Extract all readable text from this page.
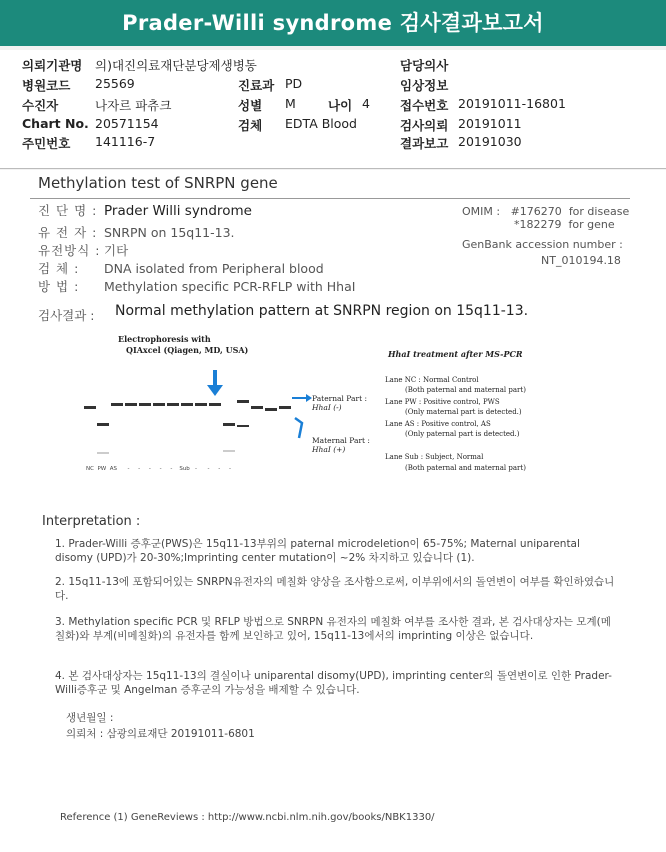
Prader-Willi syndrome 검사결과보고서
의뢰기관명 의)대진의료재단분당제생병동	담당의사
병원코드 25569	진료과 PD	임상정보
수진자	나자르 파츄크	성별 M	나이 4 접수번호 20191011-16801
Chart No. 20571154	검체 EDTA Blood	검사의뢰 20191011
주민번호 141116-7	결과보고 20191030
Methylation test of SNRPN gene
진 단 명 : Prader Willi syndrome
유 전 자 : SNRPN on 15q11-13.
유전방식 : 기타
검 체 : DNA isolated from Peripheral blood
방 법 : Methylation specific PCR-RFLP with HhaI
OMIM : #176270 for disease
*182279 for gene
GenBank accession number :
NT_010194.18
검사결과 : Normal methylation pattern at SNRPN region on 15q11-13.
Electrophoresis with
QIAxcel (Qiagen, MD, USA)
Paternal Part :
HhaI (-)
Maternal Part :
HhaI (+)
NC  PW  AS      -     -     -     -     -    Sub   -      -     -     -
HhaI treatment after MS-PCR
Lane NC : Normal Control
(Both paternal and maternal part)
Lane PW : Positive control, PWS
(Only maternal part is detected.)
Lane AS : Positive control, AS
(Only paternal part is detected.)
Lane Sub : Subject, Normal
(Both paternal and maternal part)
Interpretation :
1. Prader-Willi 증후군(PWS)은 15q11-13부위의 paternal microdeletion이 65-75%; Maternal uniparental disomy (UPD)가 20-30%;Imprinting center mutation이 ~2% 차지하고 있습니다 (1).
2. 15q11-13에 포함되어있는 SNRPN유전자의 메칠화 양상을 조사함으로써, 이부위에서의 돌연변이 여부를 확인하였습니다.
3. Methylation specific PCR 및 RFLP 방법으로 SNRPN 유전자의 메칠화 여부를 조사한 결과, 본 검사대상자는 모계(메칠화)와 부계(비메칠화)의 유전자를 함께 보인하고 있어, 15q11-13에서의 imprinting 이상은 없습니다.
4. 본 검사대상자는 15q11-13의 결실이나 uniparental disomy(UPD), imprinting center의 돌연변이로 인한 Prader-Willi증후군 및 Angelman 증후군의 가능성을 배제할 수 있습니다.
생년월일 :
의뢰처 : 삼광의료재단 20191011-6801
Reference (1) GeneReviews : http://www.ncbi.nlm.nih.gov/books/NBK1330/
